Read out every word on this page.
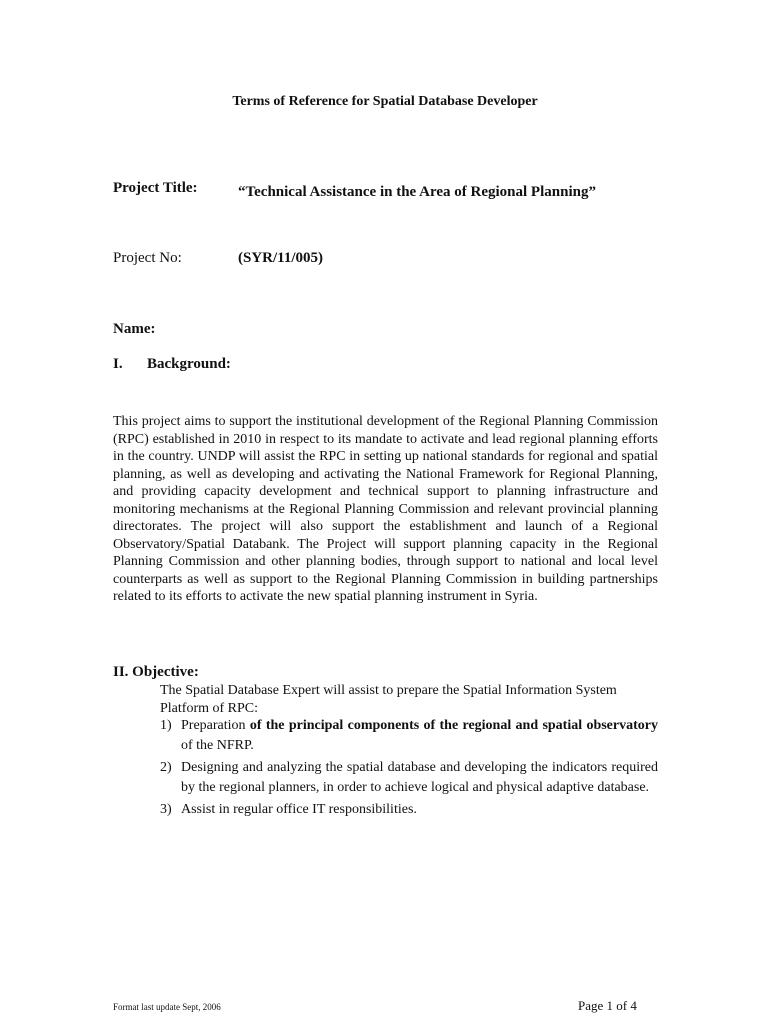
Terms of Reference for Spatial Database Developer
Project Title:	“Technical Assistance in the Area of Regional Planning”
Project No:	(SYR/11/005)
Name:
I. Background:

This project aims to support the institutional development of the Regional Planning Commission (RPC) established in 2010 in respect to its mandate to activate and lead regional planning efforts in the country. UNDP will assist the RPC in setting up national standards for regional and spatial planning, as well as developing and activating the National Framework for Regional Planning, and providing capacity development and technical support to planning infrastructure and monitoring mechanisms at the Regional Planning Commission and relevant provincial planning directorates. The project will also support the establishment and launch of a Regional Observatory/Spatial Databank. The Project will support planning capacity in the Regional Planning Commission and other planning bodies, through support to national and local level counterparts as well as support to the Regional Planning Commission in building partnerships related to its efforts to activate the new spatial planning instrument in Syria.

II. Objective:

The Spatial Database Expert will assist to prepare the Spatial Information System Platform of RPC:

1) Preparation of the principal components of the regional and spatial observatory of the NFRP.
2) Designing and analyzing the spatial database and developing the indicators required by the regional planners, in order to achieve logical and physical adaptive database.
3) Assist in regular office IT responsibilities.
Format last update Sept, 2006	Page 1 of 4
